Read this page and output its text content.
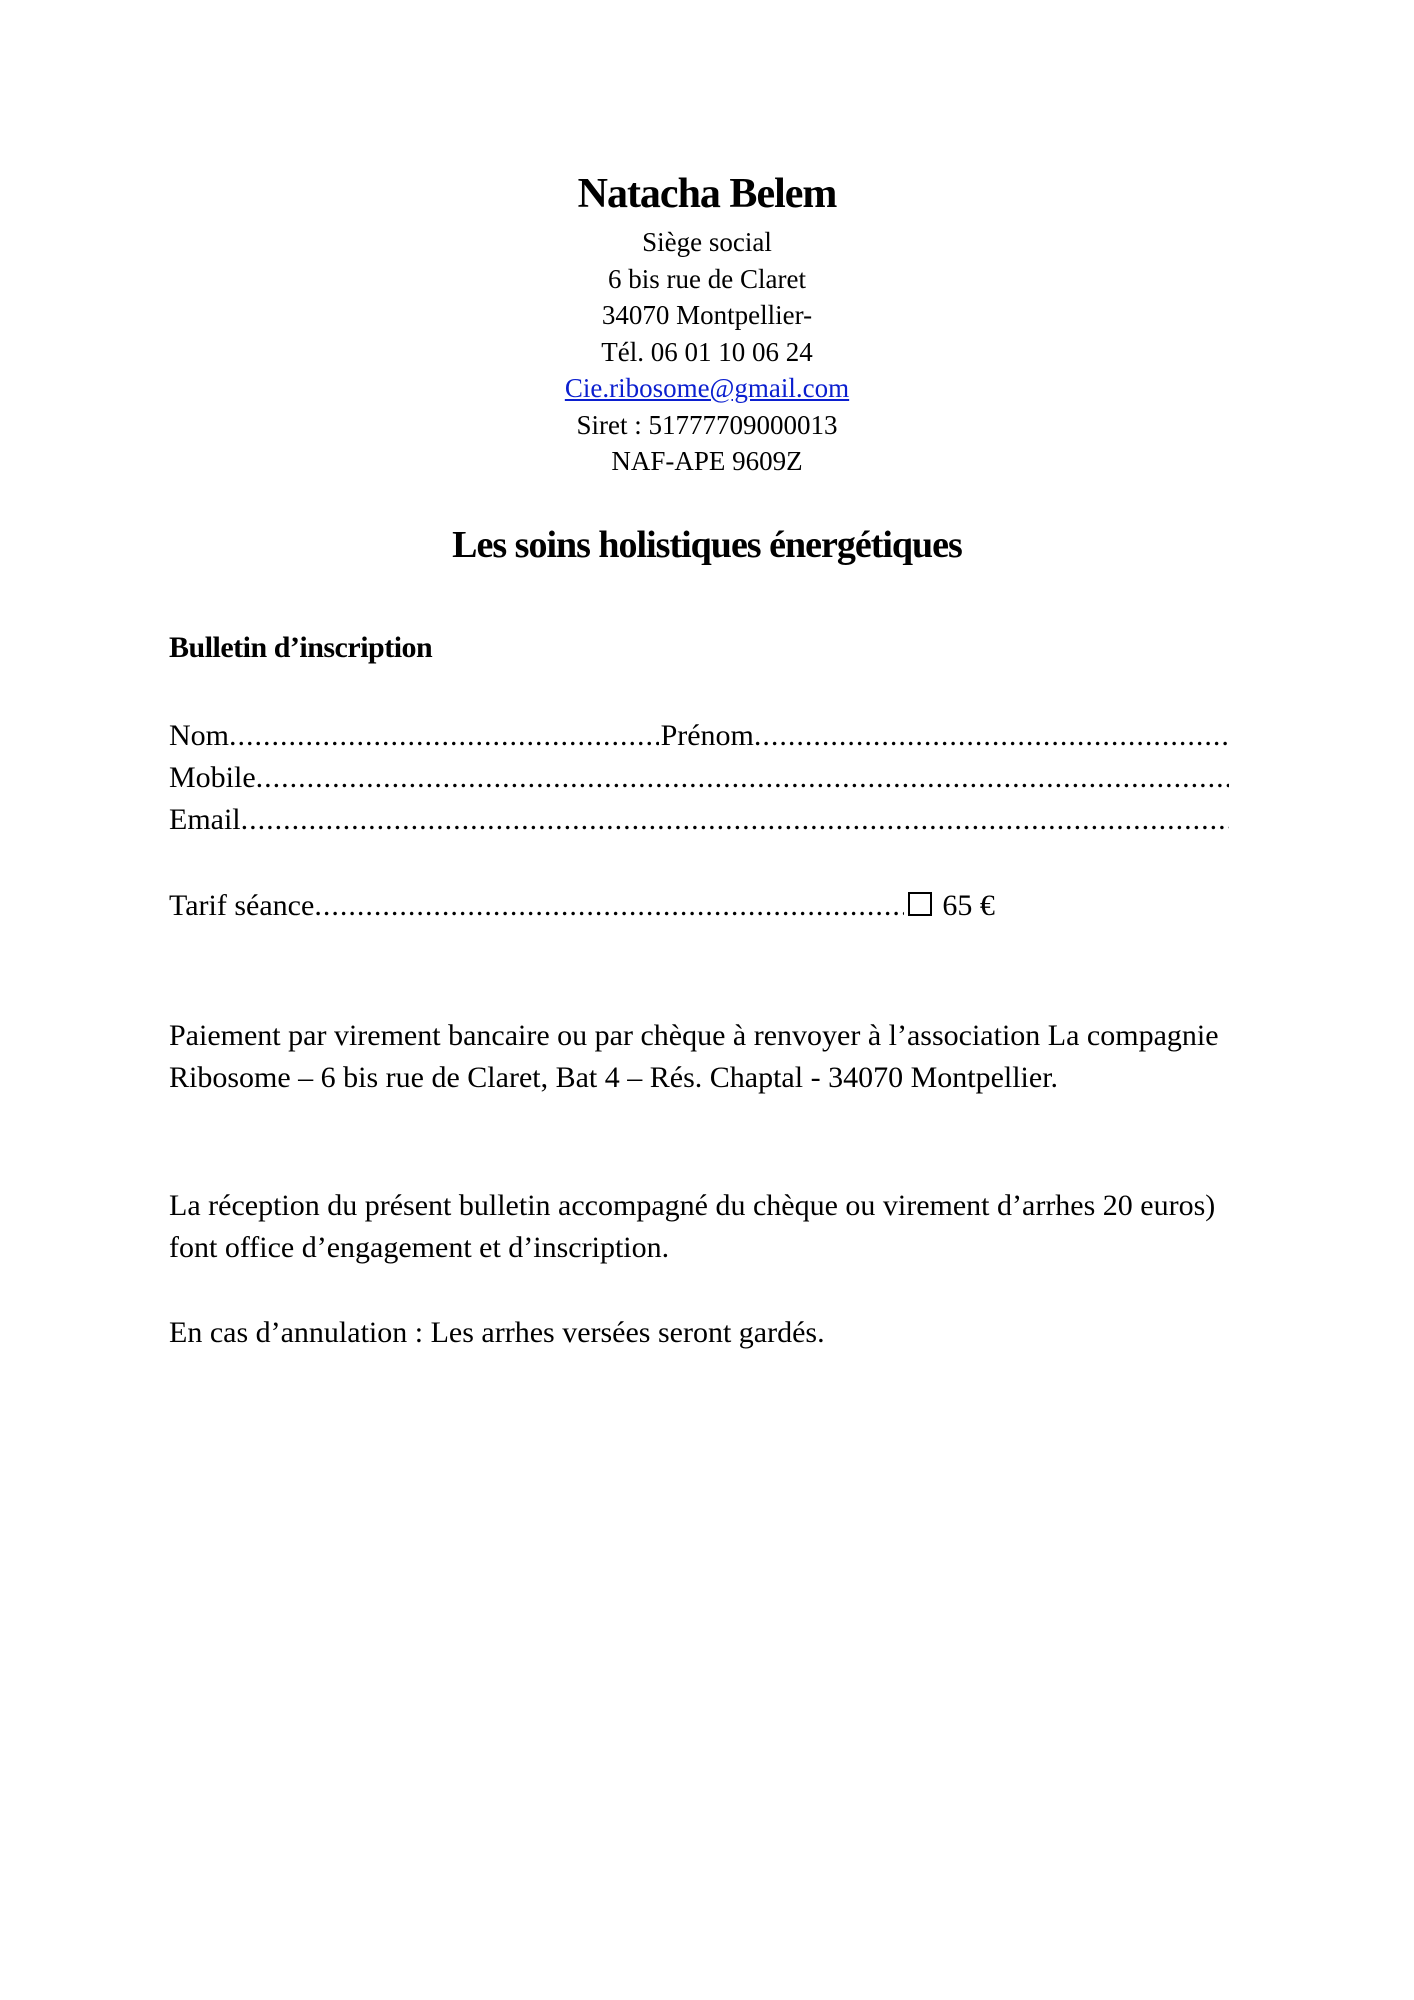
Natacha Belem
Siège social
6 bis rue de Claret
34070 Montpellier-
Tél. 06 01 10 06 24
Cie.ribosome@gmail.com
Siret : 51777709000013
NAF-APE 9609Z
Les soins holistiques énergétiques
Bulletin d’inscription
Nom .....	Prénom
.....
Mobile
.....
Email
.....
Tarif séance .....	65 €

Paiement par virement bancaire ou par chèque à renvoyer à l’association La compagnie Ribosome – 6 bis rue de Claret, Bat 4 – Rés. Chaptal - 34070 Montpellier.

La réception du présent bulletin accompagné du chèque ou virement d’arrhes 20 euros) font office d’engagement et d’inscription.

En cas d’annulation : Les arrhes versées seront gardés.
